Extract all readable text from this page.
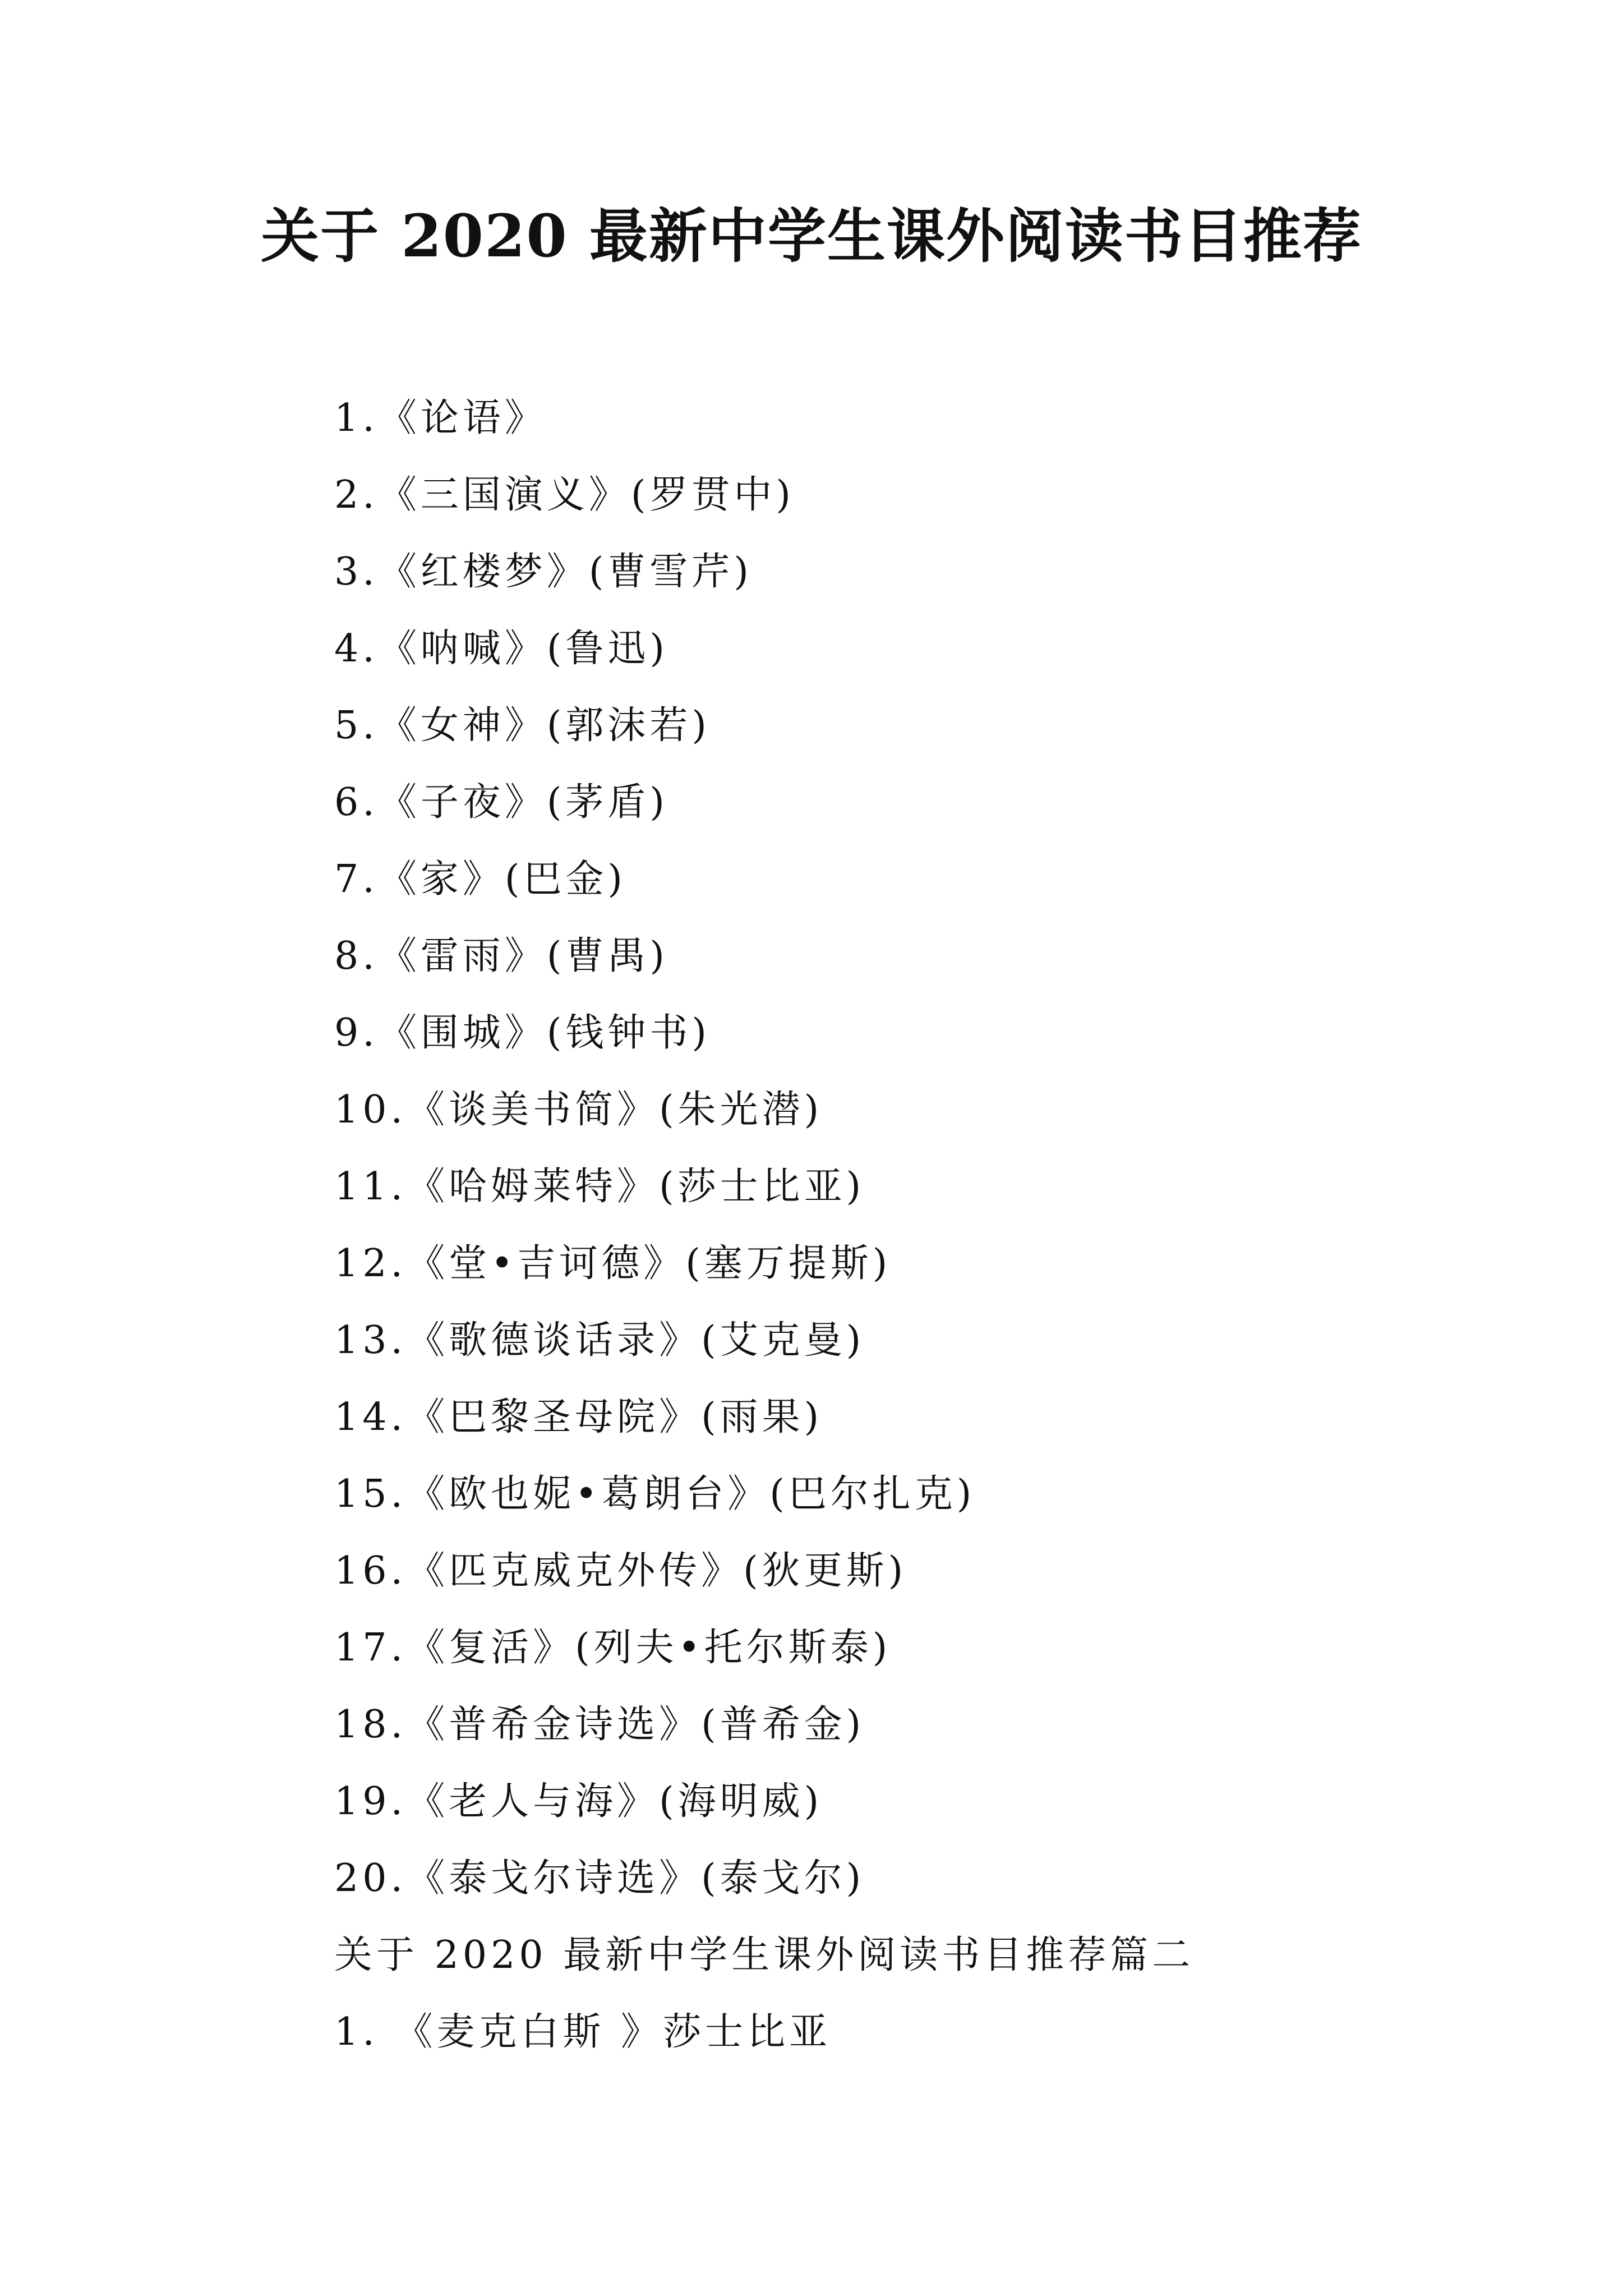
关于 2020 最新中学生课外阅读书目推荐
1.《论语》
2.《三国演义》(罗贯中)
3.《红楼梦》(曹雪芹)
4.《呐喊》(鲁迅)
5.《女神》(郭沫若)
6.《子夜》(茅盾)
7.《家》(巴金)
8.《雷雨》(曹禺)
9.《围城》(钱钟书)
10.《谈美书简》(朱光潜)
11.《哈姆莱特》(莎士比亚)
12.《堂•吉诃德》(塞万提斯)
13.《歌德谈话录》(艾克曼)
14.《巴黎圣母院》(雨果)
15.《欧也妮•葛朗台》(巴尔扎克)
16.《匹克威克外传》(狄更斯)
17.《复活》(列夫•托尔斯泰)
18.《普希金诗选》(普希金)
19.《老人与海》(海明威)
20.《泰戈尔诗选》(泰戈尔)
关于 2020 最新中学生课外阅读书目推荐篇二
1. 《麦克白斯 》莎士比亚
